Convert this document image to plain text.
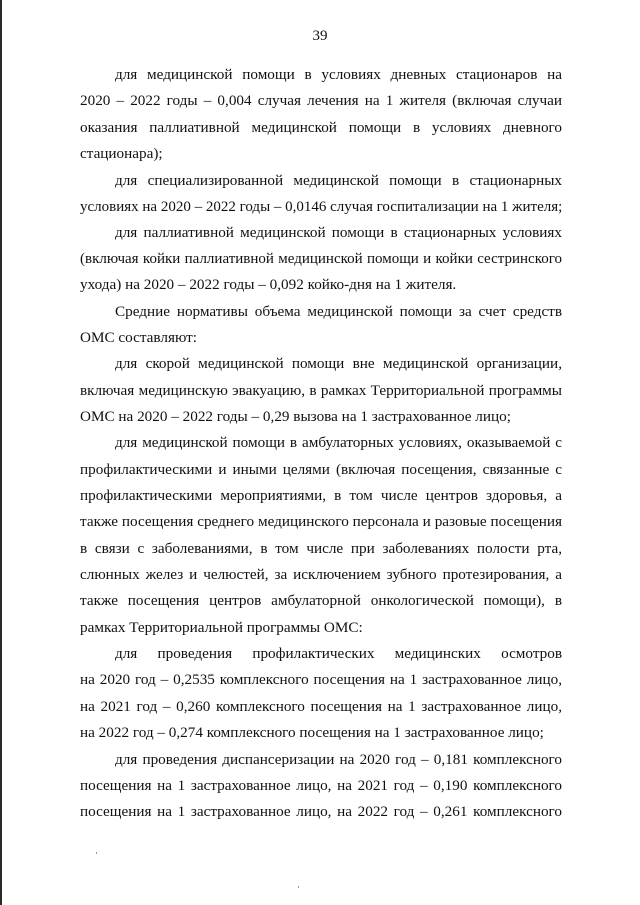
39
для медицинской помощи в условиях дневных стационаров на
2020 – 2022 годы – 0,004 случая лечения на 1 жителя (включая случаи
оказания паллиативной медицинской помощи в условиях дневного
стационара);
для специализированной медицинской помощи в стационарных
условиях на 2020 – 2022 годы – 0,0146 случая госпитализации на 1 жителя;
для паллиативной медицинской помощи в стационарных условиях
(включая койки паллиативной медицинской помощи и койки сестринского
ухода) на 2020 – 2022 годы – 0,092 койко-дня на 1 жителя.
Средние нормативы объема медицинской помощи за счет средств
ОМС составляют:
для скорой медицинской помощи вне медицинской организации,
включая медицинскую эвакуацию, в рамках Территориальной программы
ОМС на 2020 – 2022 годы – 0,29 вызова на 1 застрахованное лицо;
для медицинской помощи в амбулаторных условиях, оказываемой с
профилактическими и иными целями (включая посещения, связанные с
профилактическими мероприятиями, в том числе центров здоровья, а
также посещения среднего медицинского персонала и разовые посещения
в связи с заболеваниями, в том числе при заболеваниях полости рта,
слюнных желез и челюстей, за исключением зубного протезирования, а
также посещения центров амбулаторной онкологической помощи), в
рамках Территориальной программы ОМС:
для проведения профилактических медицинских осмотров
на 2020 год – 0,2535 комплексного посещения на 1 застрахованное лицо,
на 2021 год – 0,260 комплексного посещения на 1 застрахованное лицо,
на 2022 год – 0,274 комплексного посещения на 1 застрахованное лицо;
для проведения диспансеризации на 2020 год – 0,181 комплексного
посещения на 1 застрахованное лицо, на 2021 год – 0,190 комплексного
посещения на 1 застрахованное лицо, на 2022 год – 0,261 комплексного
